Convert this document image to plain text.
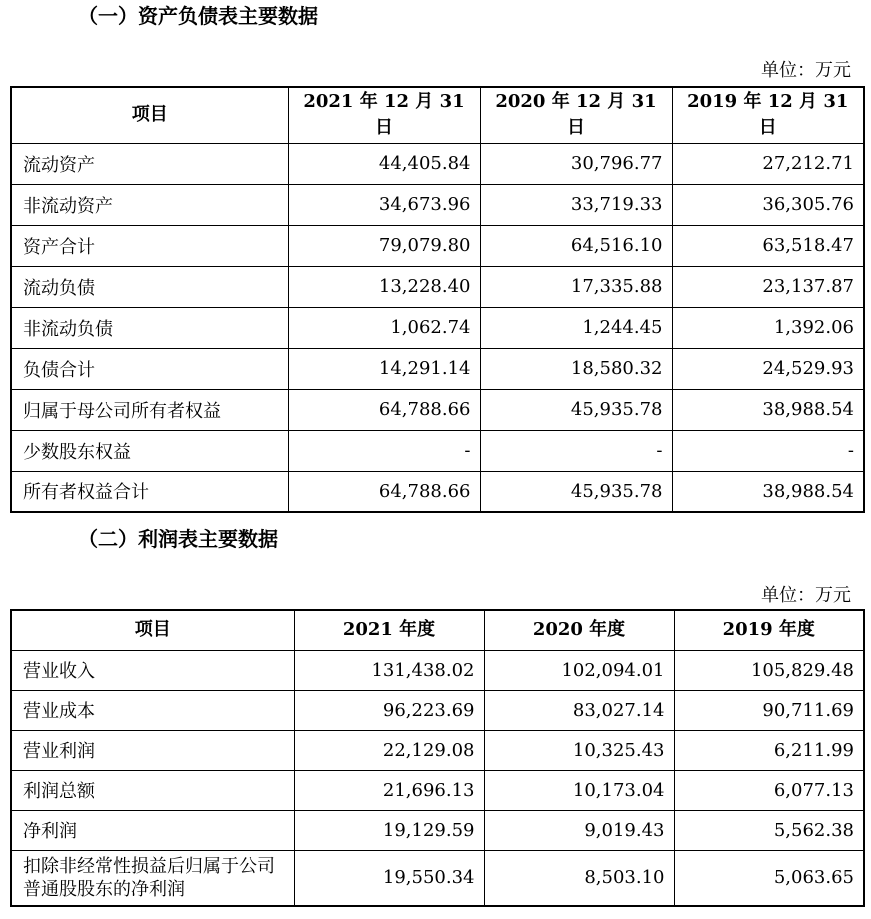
（一）资产负债表主要数据
单位：万元
项目	2021 年 12 月 31 日	2020 年 12 月 31 日	2019 年 12 月 31 日
流动资产	44,405.84	30,796.77	27,212.71
非流动资产	34,673.96	33,719.33	36,305.76
资产合计	79,079.80	64,516.10	63,518.47
流动负债	13,228.40	17,335.88	23,137.87
非流动负债	1,062.74	1,244.45	1,392.06
负债合计	14,291.14	18,580.32	24,529.93
归属于母公司所有者权益	64,788.66	45,935.78	38,988.54
少数股东权益	-	-	-
所有者权益合计	64,788.66	45,935.78	38,988.54
（二）利润表主要数据
单位：万元
项目	2021 年度	2020 年度	2019 年度
营业收入	131,438.02	102,094.01	105,829.48
营业成本	96,223.69	83,027.14	90,711.69
营业利润	22,129.08	10,325.43	6,211.99
利润总额	21,696.13	10,173.04	6,077.13
净利润	19,129.59	9,019.43	5,562.38
扣除非经常性损益后归属于公司普通股股东的净利润	19,550.34	8,503.10	5,063.65
